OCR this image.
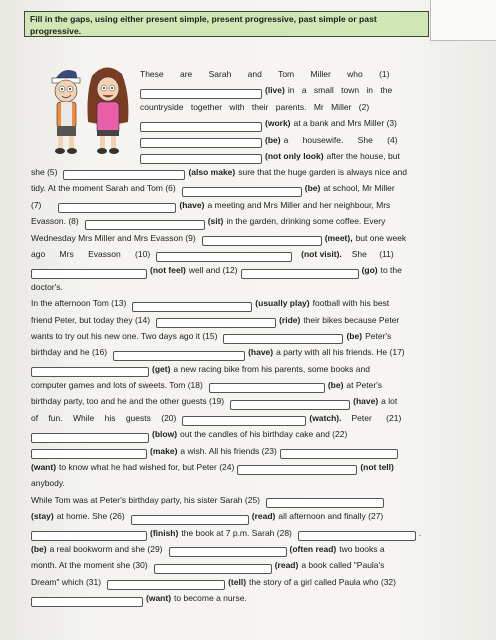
Fill in the gaps, using either present simple, present progressive, past simple or past progressive.
These are Sarah and Tom Miller who (1)
(live) in a small town in the
countryside together with their parents. Mr Miller (2)
(work) at a bank and Mrs Miller (3)
(be) a housewife. She (4)
(not only look) after the house, but
she (5)	(also make) sure that the huge garden is always nice and
tidy. At the moment Sarah and Tom (6)	(be) at school, Mr Miller
(7)	(have) a meeting and Mrs Miller and her neighbour, Mrs
Evasson. (8)	(sit) in the garden, drinking some coffee. Every
Wednesday Mrs Miller and Mrs Evasson (9)	(meet), but one week
ago Mrs Evasson (10)	(not visit). She (11)
(not feel) well and (12)	(go) to the
doctor's.
In the afternoon Tom (13)	(usually play) football with his best
friend Peter, but today they (14)	(ride) their bikes because Peter
wants to try out his new one. Two days ago it (15)	(be) Peter's
birthday and he (16)	(have) a party with all his friends. He (17)
(get) a new racing bike from his parents, some books and
computer games and lots of sweets. Tom (18)	(be) at Peter's
birthday party, too and he and the other guests (19)	(have) a lot
of fun. While his guests (20)	(watch). Peter (21)
(blow) out the candles of his birthday cake and (22)
(make) a wish. All his friends (23)
(want) to know what he had wished for, but Peter (24)	(not tell)
anybody.
While Tom was at Peter's birthday party, his sister Sarah (25)
(stay) at home. She (26)	(read) all afternoon and finally (27)
(finish) the book at 7 p.m. Sarah (28)	.
(be) a real bookworm and she (29)	(often read) two books a
month. At the moment she (30)	(read) a book called "Paula's
Dream" which (31)	(tell) the story of a girl called Paula who (32)
(want) to become a nurse.
